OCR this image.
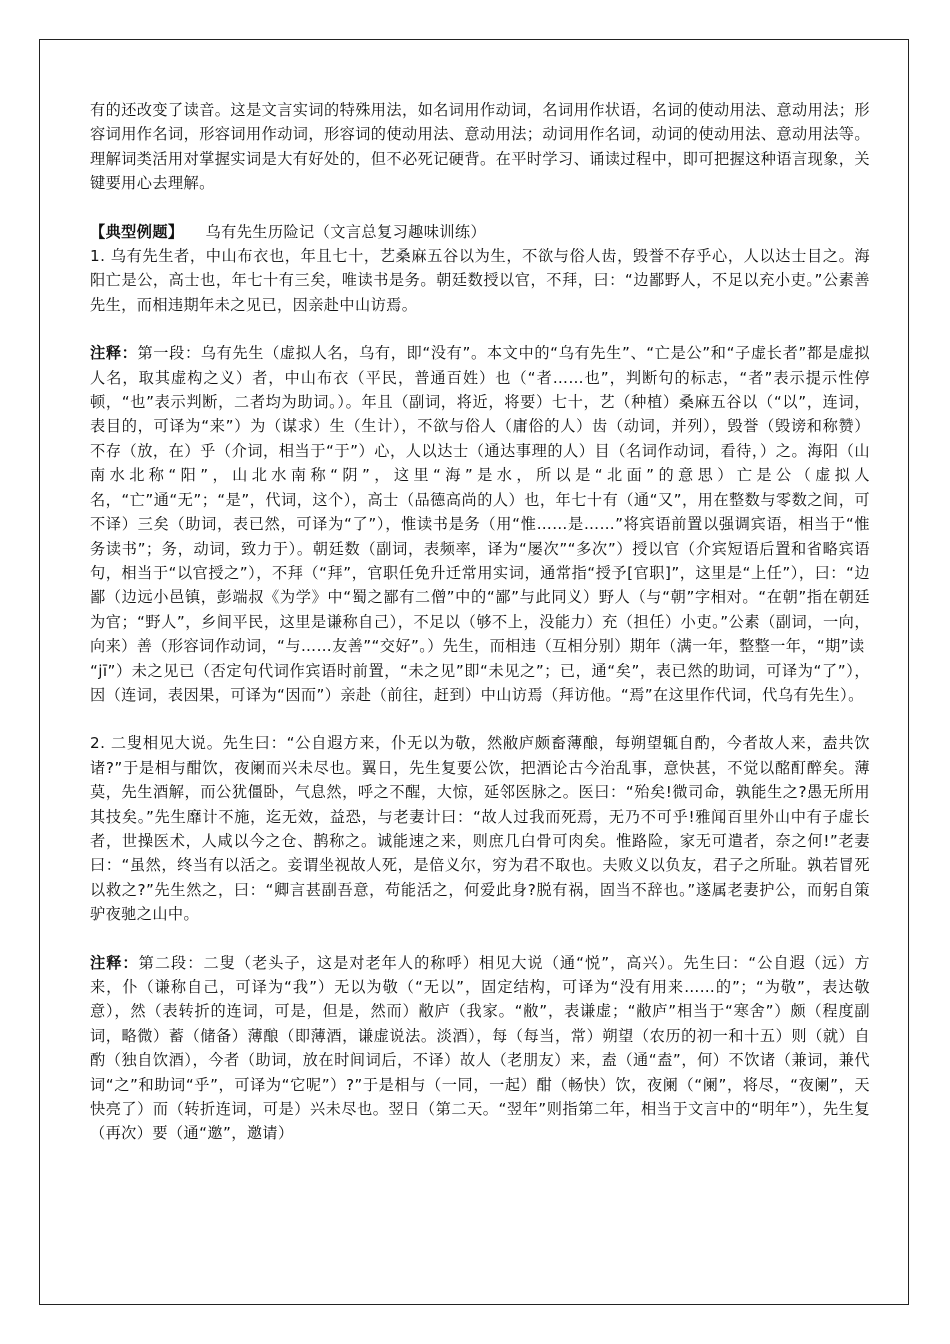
有的还改变了读音。这是文言实词的特殊用法，如名词用作动词，名词用作状语，名词的使动用法、意动用法；形容词用作名词，形容词用作动词，形容词的使动用法、意动用法；动词用作名词，动词的使动用法、意动用法等。理解词类活用对掌握实词是大有好处的，但不必死记硬背。在平时学习、诵读过程中，即可把握这种语言现象，关键要用心去理解。

【典型例题】 乌有先生历险记（文言总复习趣味训练）

1. 乌有先生者，中山布衣也，年且七十，艺桑麻五谷以为生，不欲与俗人齿，毁誉不存乎心，人以达士目之。海阳亡是公，高士也，年七十有三矣，唯读书是务。朝廷数授以官，不拜，曰：“边鄙野人，不足以充小吏。”公素善先生，而相违期年未之见已，因亲赴中山访焉。

注释：第一段：乌有先生（虚拟人名，乌有，即“没有”。本文中的“乌有先生”、“亡是公”和“子虚长者”都是虚拟人名，取其虚构之义）者，中山布衣（平民，普通百姓）也（“者……也”，判断句的标志，“者”表示提示性停顿，“也”表示判断，二者均为助词。）。年且（副词，将近，将要）七十，艺（种植）桑麻五谷以（“以”，连词，表目的，可译为“来”）为（谋求）生（生计），不欲与俗人（庸俗的人）齿（动词，并列），毁誉（毁谤和称赞）不存（放，在）乎（介词，相当于“于”）心，人以达士（通达事理的人）目（名词作动词，看待，）之。海阳（山南水北称“阳”，山北水南称“阴”，这里“海”是水，所以是“北面”的意思）亡是公（虚拟人名，“亡”通“无”；“是”，代词，这个），高士（品德高尚的人）也，年七十有（通“又”，用在整数与零数之间，可不译）三矣（助词，表已然，可译为“了”），惟读书是务（用“惟……是……”将宾语前置以强调宾语，相当于“惟务读书”；务，动词，致力于）。朝廷数（副词，表频率，译为“屡次”“多次”）授以官（介宾短语后置和省略宾语句，相当于“以官授之”），不拜（“拜”，官职任免升迁常用实词，通常指“授予[官职]”，这里是“上任”），曰：“边鄙（边远小邑镇，彭端叔《为学》中“蜀之鄙有二僧”中的“鄙”与此同义）野人（与“朝”字相对。“在朝”指在朝廷为官；“野人”，乡间平民，这里是谦称自己），不足以（够不上，没能力）充（担任）小吏。”公素（副词，一向，向来）善（形容词作动词，“与……友善”“交好”。）先生，而相违（互相分别）期年（满一年，整整一年，“期”读

“jī”）未之见已（否定句代词作宾语时前置，“未之见”即“未见之”；已，通“矣”，表已然的助词，可译为“了”），因（连词，表因果，可译为“因而”）亲赴（前往，赶到）中山访焉（拜访他。“焉”在这里作代词，代乌有先生）。

2. 二叟相见大说。先生曰：“公自遐方来，仆无以为敬，然敝庐颇畜薄酿，每朔望辄自酌，今者故人来，盍共饮诸?”于是相与酣饮，夜阑而兴未尽也。翼日，先生复要公饮，把酒论古今治乱事，意快甚，不觉以酩酊醉矣。薄莫，先生酒解，而公犹僵卧，气息然，呼之不醒，大惊，延邻医脉之。医曰：“殆矣!微司命，孰能生之?愚无所用其技矣。”先生靡计不施，迄无效，益恐，与老妻计曰：“故人过我而死焉，无乃不可乎!雅闻百里外山中有子虚长者，世操医术，人咸以今之仓、鹊称之。诚能速之来，则庶几白骨可肉矣。惟路险，家无可遣者，奈之何!”老妻曰：“虽然，终当有以活之。妾谓坐视故人死，是倍义尔，穷为君不取也。夫败义以负友，君子之所耻。孰若冒死以救之?”先生然之，曰：“卿言甚副吾意，苟能活之，何爱此身?脱有祸，固当不辞也。”遂属老妻护公，而躬自策驴夜驰之山中。

注释：第二段：二叟（老头子，这是对老年人的称呼）相见大说（通“悦”，高兴）。先生曰：“公自遐（远）方来，仆（谦称自己，可译为“我”）无以为敬（“无以”，固定结构，可译为“没有用来……的”；“为敬”，表达敬意），然（表转折的连词，可是，但是，然而）敝庐（我家。“敝”，表谦虚；“敝庐”相当于“寒舍”）颇（程度副词，略微）蓄（储备）薄酿（即薄酒，谦虚说法。淡酒），每（每当，常）朔望（农历的初一和十五）则（就）自酌（独自饮酒），今者（助词，放在时间词后，不译）故人（老朋友）来，盍（通“盍”，何）不饮诸（兼词，兼代词“之”和助词“乎”，可译为“它呢”）?”于是相与（一同，一起）酣（畅快）饮，夜阑（“阑”，将尽，“夜阑”，天快亮了）而（转折连词，可是）兴未尽也。翌日（第二天。“翌年”则指第二年，相当于文言中的“明年”），先生复（再次）要（通“邀”，邀请）
